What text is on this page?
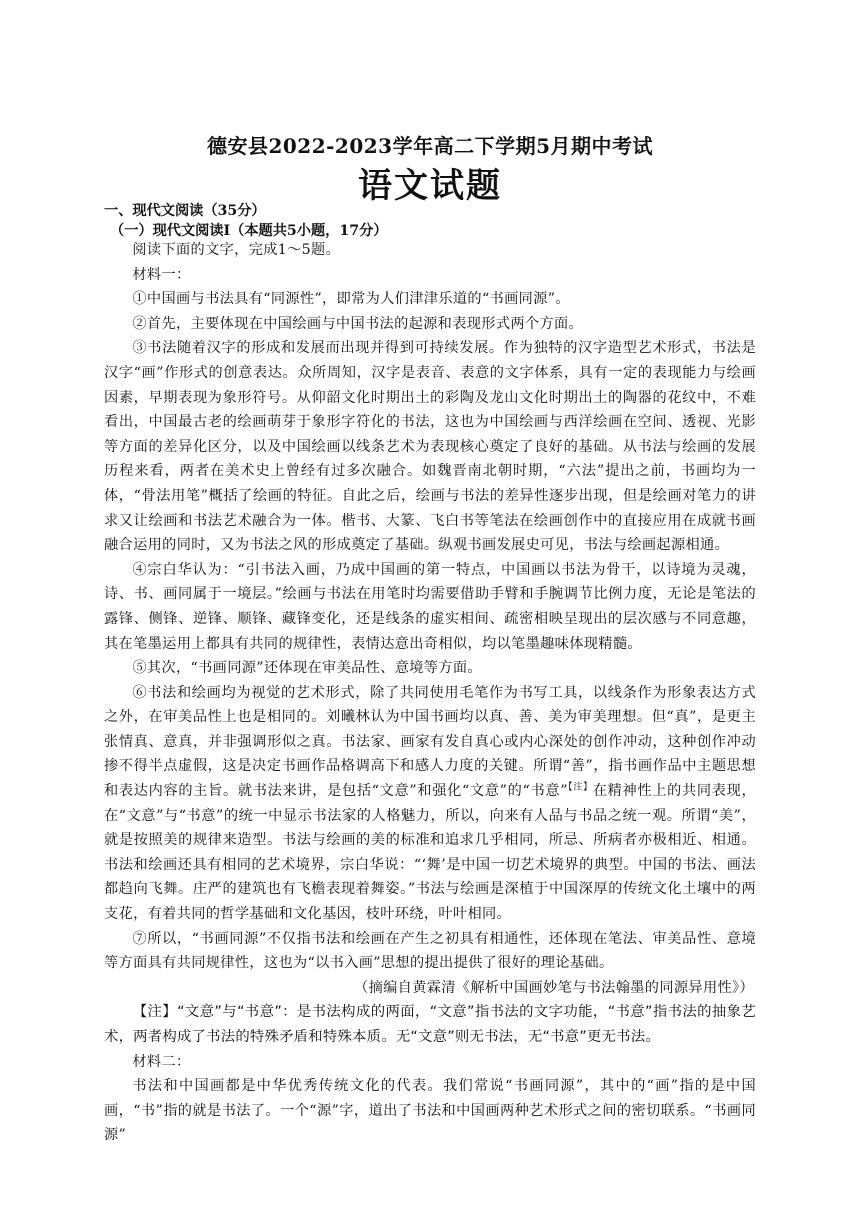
德安县2022-2023学年高二下学期5月期中考试
语文试题
一、现代文阅读（35分）
（一）现代文阅读Ⅰ（本题共5小题，17分）

阅读下面的文字，完成1～5题。

材料一：

①中国画与书法具有“同源性”，即常为人们津津乐道的“书画同源”。

②首先，主要体现在中国绘画与中国书法的起源和表现形式两个方面。

③书法随着汉字的形成和发展而出现并得到可持续发展。作为独特的汉字造型艺术形式，书法是汉字“画”作形式的创意表达。众所周知，汉字是表音、表意的文字体系，具有一定的表现能力与绘画因素，早期表现为象形符号。从仰韶文化时期出土的彩陶及龙山文化时期出土的陶器的花纹中，不难看出，中国最古老的绘画萌芽于象形字符化的书法，这也为中国绘画与西洋绘画在空间、透视、光影等方面的差异化区分，以及中国绘画以线条艺术为表现核心奠定了良好的基础。从书法与绘画的发展历程来看，两者在美术史上曾经有过多次融合。如魏晋南北朝时期，“六法”提出之前，书画均为一体，“骨法用笔”概括了绘画的特征。自此之后，绘画与书法的差异性逐步出现，但是绘画对笔力的讲求又让绘画和书法艺术融合为一体。楷书、大篆、飞白书等笔法在绘画创作中的直接应用在成就书画融合运用的同时，又为书法之风的形成奠定了基础。纵观书画发展史可见，书法与绘画起源相通。

④宗白华认为：“引书法入画，乃成中国画的第一特点，中国画以书法为骨干，以诗境为灵魂，诗、书、画同属于一境层。”绘画与书法在用笔时均需要借助手臂和手腕调节比例力度，无论是笔法的露锋、侧锋、逆锋、顺锋、藏锋变化，还是线条的虚实相间、疏密相映呈现出的层次感与不同意趣，其在笔墨运用上都具有共同的规律性，表情达意出奇相似，均以笔墨趣味体现精髓。

⑤其次，“书画同源”还体现在审美品性、意境等方面。

⑥书法和绘画均为视觉的艺术形式，除了共同使用毛笔作为书写工具，以线条作为形象表达方式之外，在审美品性上也是相同的。刘曦林认为中国书画均以真、善、美为审美理想。但“真”，是更主张情真、意真，并非强调形似之真。书法家、画家有发自真心或内心深处的创作冲动，这种创作冲动掺不得半点虚假，这是决定书画作品格调高下和感人力度的关键。所谓“善”，指书画作品中主题思想和表达内容的主旨。就书法来讲，是包括“文意”和强化“文意”的“书意”$^{【注】}$在精神性上的共同表现，在“文意”与“书意”的统一中显示书法家的人格魅力，所以，向来有人品与书品之统一观。所谓“美”，就是按照美的规律来造型。书法与绘画的美的标准和追求几乎相同，所忌、所病者亦极相近、相通。书法和绘画还具有相同的艺术境界，宗白华说：“‘舞’是中国一切艺术境界的典型。中国的书法、画法都趋向飞舞。庄严的建筑也有飞檐表现着舞姿。”书法与绘画是深植于中国深厚的传统文化土壤中的两支花，有着共同的哲学基础和文化基因，枝叶环绕，叶叶相同。

⑦所以，“书画同源”不仅指书法和绘画在产生之初具有相通性，还体现在笔法、审美品性、意境等方面具有共同规律性，这也为“以书入画”思想的提出提供了很好的理论基础。

（摘编自黄霖清《解析中国画妙笔与书法翰墨的同源异用性》）

【注】“文意”与“书意”：是书法构成的两面，“文意”指书法的文字功能，“书意”指书法的抽象艺术，两者构成了书法的特殊矛盾和特殊本质。无“文意”则无书法，无“书意”更无书法。

材料二：

书法和中国画都是中华优秀传统文化的代表。我们常说“书画同源”，其中的“画”指的是中国画，“书”指的就是书法了。一个“源”字，道出了书法和中国画两种艺术形式之间的密切联系。“书画同源”
